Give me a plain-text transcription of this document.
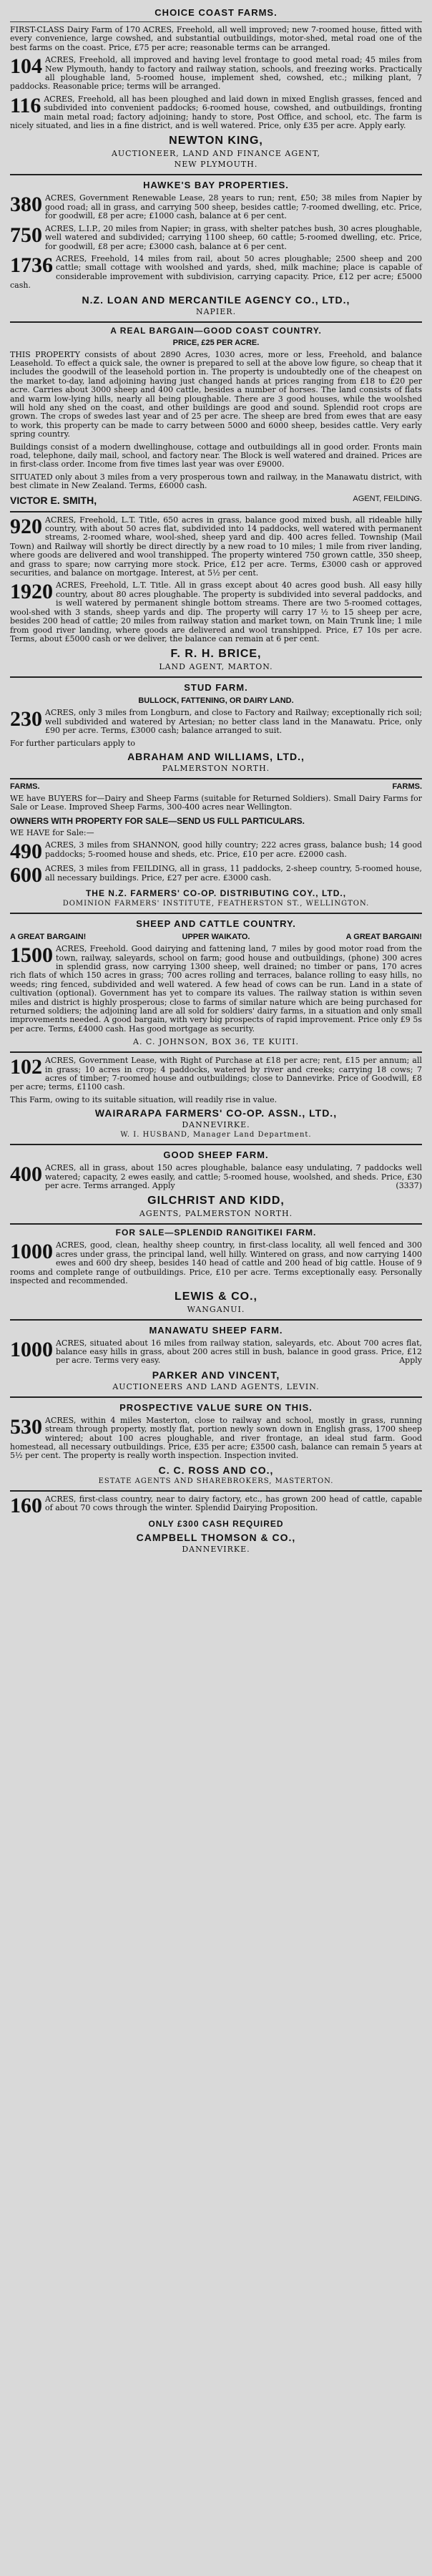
CHOICE COAST FARMS.

FIRST-CLASS Dairy Farm of 170 ACRES, Freehold, all well improved; new 7-roomed house, fitted with every convenience, large cowshed, and substantial outbuildings, motor-shed, metal road one of the best farms on the coast. Price, £75 per acre; reasonable terms can be arranged.

104 ACRES, Freehold, all improved and having level frontage to good metal road; 45 miles from New Plymouth, handy to factory and railway station, schools, and freezing works. Practically all ploughable land, 5-roomed house, implement shed, cowshed, etc.; milking plant, 7 paddocks. Reasonable price; terms will be arranged.

116 ACRES, Freehold, all has been ploughed and laid down in mixed English grasses, fenced and subdivided into convenient paddocks; 6-roomed house, cowshed, and outbuildings, fronting main metal road; factory adjoining; handy to store, Post Office, and school, etc. The farm is nicely situated, and lies in a fine district, and is well watered. Price, only £35 per acre. Apply early.

NEWTON KING,
AUCTIONEER, LAND AND FINANCE AGENT,
NEW PLYMOUTH.
HAWKE'S BAY PROPERTIES.
380 ACRES, Government Renewable Lease, 28 years to run; rent, £50; 38 miles from Napier by good road; all in grass, and carrying 500 sheep, besides cattle; 7-roomed dwelling, etc. Price, for goodwill, £8 per acre; £1000 cash, balance at 6 per cent.

750 ACRES, L.I.P., 20 miles from Napier; in grass, with shelter patches bush, 30 acres ploughable, well watered and subdivided; carrying 1100 sheep, 60 cattle; 5-roomed dwelling, etc. Price, for goodwill, £8 per acre; £3000 cash, balance at 6 per cent.

1736 ACRES, Freehold, 14 miles from rail, about 50 acres ploughable; 2500 sheep and 200 cattle; small cottage with woolshed and yards, shed, milk machine; place is capable of considerable improvement with subdivision, carrying capacity. Price, £12 per acre; £5000 cash.

N.Z. LOAN AND MERCANTILE AGENCY CO., LTD.,
NAPIER.
A REAL BARGAIN—GOOD COAST COUNTRY.
PRICE, £25 PER ACRE.

THIS PROPERTY consists of about 2890 Acres, 1030 acres, more or less, Freehold, and balance Leasehold. To effect a quick sale, the owner is prepared to sell at the above low figure, so cheap that it includes the goodwill of the leasehold portion in. The property is undoubtedly one of the cheapest on the market to-day, land adjoining having just changed hands at prices ranging from £18 to £20 per acre. Carries about 3000 sheep and 400 cattle, besides a number of horses. The land consists of flats and warm low-lying hills, nearly all being ploughable. There are 3 good houses, while the woolshed will hold any shed on the coast, and other buildings are good and sound. Splendid root crops are grown. The crops of swedes last year and of 25 per acre. The sheep are bred from ewes that are easy to work, this property can be made to carry between 5000 and 6000 sheep, besides cattle. Very early spring country.

Buildings consist of a modern dwellinghouse, cottage and outbuildings all in good order. Fronts main road, telephone, daily mail, school, and factory near. The Block is well watered and drained. Prices are in first-class order. Income from five times last year was over £9000.

SITUATED only about 3 miles from a very prosperous town and railway, in the Manawatu district, with best climate in New Zealand. Terms, £6000 cash.

VICTOR E. SMITH,	AGENT, FEILDING.
920 ACRES, Freehold, L.T. Title, 650 acres in grass, balance good mixed bush, all rideable hilly country, with about 50 acres flat, subdivided into 14 paddocks, well watered with permanent streams, 2-roomed whare, wool-shed, sheep yard and dip. 400 acres felled. Township (Mail Town) and Railway will shortly be direct directly by a new road to 10 miles; 1 mile from river landing, where goods are delivered and wool transhipped. The property wintered 750 grown cattle, 350 sheep, and grass to spare; now carrying more stock. Price, £12 per acre. Terms, £3000 cash or approved securities, and balance on mortgage. Interest, at 5½ per cent.

1920 ACRES, Freehold, L.T. Title. All in grass except about 40 acres good bush. All easy hilly country, about 80 acres ploughable. The property is subdivided into several paddocks, and is well watered by permanent shingle bottom streams. There are two 5-roomed cottages, wool-shed with 3 stands, sheep yards and dip. The property will carry 17 ½ to 15 sheep per acre, besides 200 head of cattle; 20 miles from railway station and market town, on Main Trunk line; 1 mile from good river landing, where goods are delivered and wool transhipped. Price, £7 10s per acre. Terms, about £5000 cash or we deliver, the balance can remain at 6 per cent.

F. R. H. BRICE,
LAND AGENT, MARTON.
STUD FARM.
BULLOCK, FATTENING, OR DAIRY LAND.
230 ACRES, only 3 miles from Longburn, and close to Factory and Railway; exceptionally rich soil; well subdivided and watered by Artesian; no better class land in the Manawatu. Price, only £90 per acre. Terms, £3000 cash; balance arranged to suit.

For further particulars apply to
ABRAHAM AND WILLIAMS, LTD.,
PALMERSTON NORTH.
FARMS.	FARMS.

WE have BUYERS for—Dairy and Sheep Farms (suitable for Returned Soldiers). Small Dairy Farms for Sale or Lease. Improved Sheep Farms, 300-400 acres near Wellington.

OWNERS WITH PROPERTY FOR SALE—SEND US FULL PARTICULARS.
WE HAVE for Sale:—
490 ACRES, 3 miles from SHANNON, good hilly country; 222 acres grass, balance bush; 14 good paddocks; 5-roomed house and sheds, etc. Price, £10 per acre. £2000 cash.

600 ACRES, 3 miles from FEILDING, all in grass, 11 paddocks, 2-sheep country, 5-roomed house, all necessary buildings. Price, £27 per acre. £3000 cash.

THE N.Z. FARMERS' CO-OP. DISTRIBUTING COY., LTD.,
DOMINION FARMERS' INSTITUTE, FEATHERSTON ST., WELLINGTON.
SHEEP AND CATTLE COUNTRY.
A GREAT BARGAIN!	UPPER WAIKATO.	A GREAT BARGAIN!
1500 ACRES, Freehold. Good dairying and fattening land, 7 miles by good motor road from the town, railway, saleyards, school on farm; good house and outbuildings, (phone) 300 acres in splendid grass, now carrying 1300 sheep, well drained; no timber or pans, 170 acres rich flats of which 150 acres in grass; 700 acres rolling and terraces, balance rolling to easy hills, no weeds; ring fenced, subdivided and well watered. A few head of cows can be run. Land in a state of cultivation (optional). Government has yet to compare its values. The railway station is within seven miles and district is highly prosperous; close to farms of similar nature which are being purchased for returned soldiers; the adjoining land are all sold for soldiers' dairy farms, in a situation and only small improvements needed. A good bargain, with very big prospects of rapid improvement. Price only £9 5s per acre. Terms, £4000 cash. Has good mortgage as security.

A. C. JOHNSON, BOX 36, TE KUITI.
102 ACRES, Government Lease, with Right of Purchase at £18 per acre; rent, £15 per annum; all in grass; 10 acres in crop; 4 paddocks, watered by river and creeks; carrying 18 cows; 7 acres of timber; 7-roomed house and outbuildings; close to Dannevirke. Price of Goodwill, £8 per acre; terms, £1100 cash.

This Farm, owing to its suitable situation, will readily rise in value.
WAIRARAPA FARMERS' CO-OP. ASSN., LTD.,
DANNEVIRKE.
W. I. HUSBAND, Manager Land Department.
GOOD SHEEP FARM.
400 ACRES, all in grass, about 150 acres ploughable, balance easy undulating, 7 paddocks well watered; capacity, 2 ewes easily, and cattle; 5-roomed house, woolshed, and sheds. Price, £30 per acre. Terms arranged. Apply	(3337)

GILCHRIST AND KIDD,
AGENTS, PALMERSTON NORTH.
FOR SALE—SPLENDID RANGITIKEI FARM.
1000 ACRES, good, clean, healthy sheep country, in first-class locality, all well fenced and 300 acres under grass, the principal land, well hilly. Wintered on grass, and now carrying 1400 ewes and 600 dry sheep, besides 140 head of cattle and 200 head of big cattle. House of 9 rooms and complete range of outbuildings. Price, £10 per acre. Terms exceptionally easy. Personally inspected and recommended.

LEWIS & CO.,
WANGANUI.
MANAWATU SHEEP FARM.
1000 ACRES, situated about 16 miles from railway station, saleyards, etc. About 700 acres flat, balance easy hills in grass, about 200 acres still in bush, balance in good grass. Price, £12 per acre. Terms very easy.	Apply

PARKER AND VINCENT,
AUCTIONEERS AND LAND AGENTS, LEVIN.
PROSPECTIVE VALUE SURE ON THIS.
530 ACRES, within 4 miles Masterton, close to railway and school, mostly in grass, running stream through property, mostly flat, portion newly sown down in English grass, 1700 sheep wintered; about 100 acres ploughable, and river frontage, an ideal stud farm. Good homestead, all necessary outbuildings. Price, £35 per acre; £3500 cash, balance can remain 5 years at 5½ per cent. The property is really worth inspection. Inspection invited.

C. C. ROSS AND CO.,
ESTATE AGENTS AND SHAREBROKERS, MASTERTON.
160 ACRES, first-class country, near to dairy factory, etc., has grown 200 head of cattle, capable of about 70 cows through the winter. Splendid Dairying Proposition.

ONLY £300 CASH REQUIRED
CAMPBELL THOMSON & CO.,
DANNEVIRKE.
